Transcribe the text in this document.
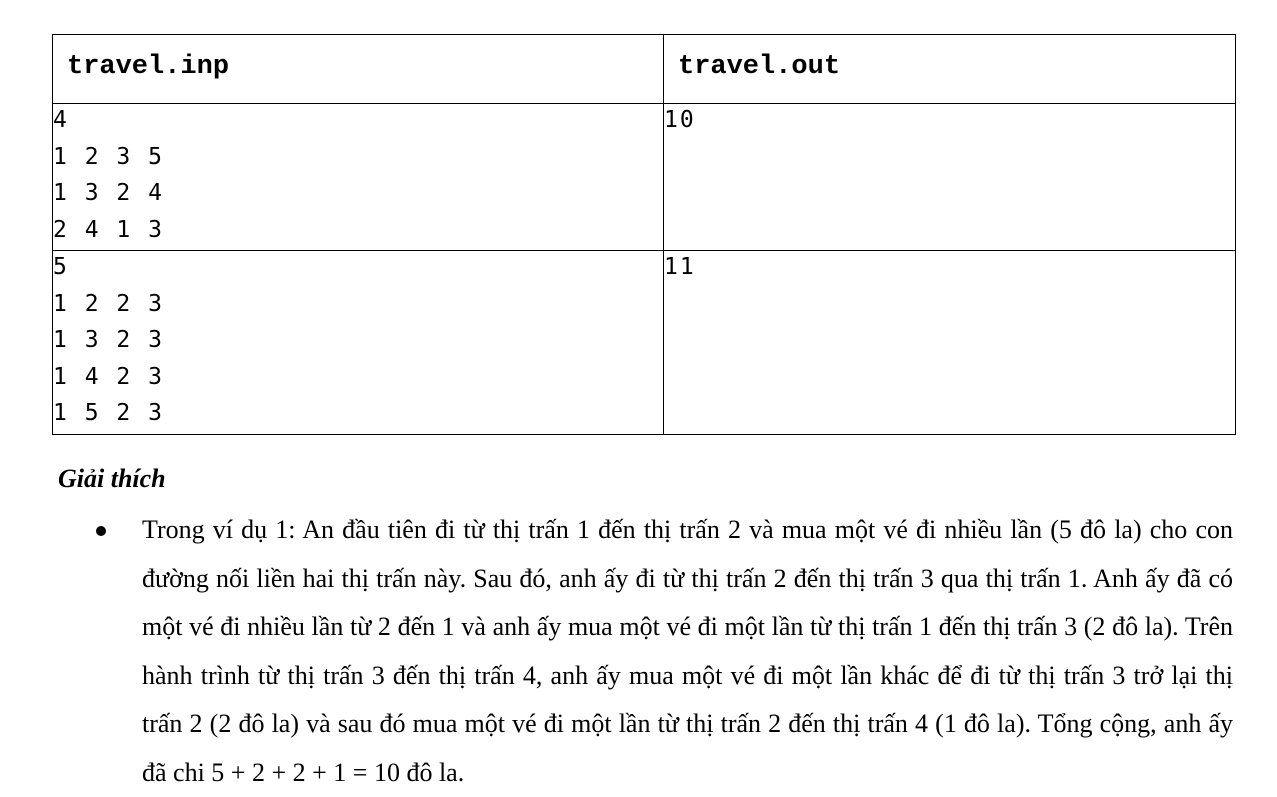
travel.inp	travel.out

4
1 2 3 5
1 3 2 4
2 4 1 3	10

5
1 2 2 3
1 3 2 3
1 4 2 3
1 5 2 3	11

Giải thích

Trong ví dụ 1: An đầu tiên đi từ thị trấn 1 đến thị trấn 2 và mua một vé đi nhiều lần (5 đô la) cho con đường nối liền hai thị trấn này. Sau đó, anh ấy đi từ thị trấn 2 đến thị trấn 3 qua thị trấn 1. Anh ấy đã có một vé đi nhiều lần từ 2 đến 1 và anh ấy mua một vé đi một lần từ thị trấn 1 đến thị trấn 3 (2 đô la). Trên hành trình từ thị trấn 3 đến thị trấn 4, anh ấy mua một vé đi một lần khác để đi từ thị trấn 3 trở lại thị trấn 2 (2 đô la) và sau đó mua một vé đi một lần từ thị trấn 2 đến thị trấn 4 (1 đô la). Tổng cộng, anh ấy đã chi 5 + 2 + 2 + 1 = 10 đô la.
